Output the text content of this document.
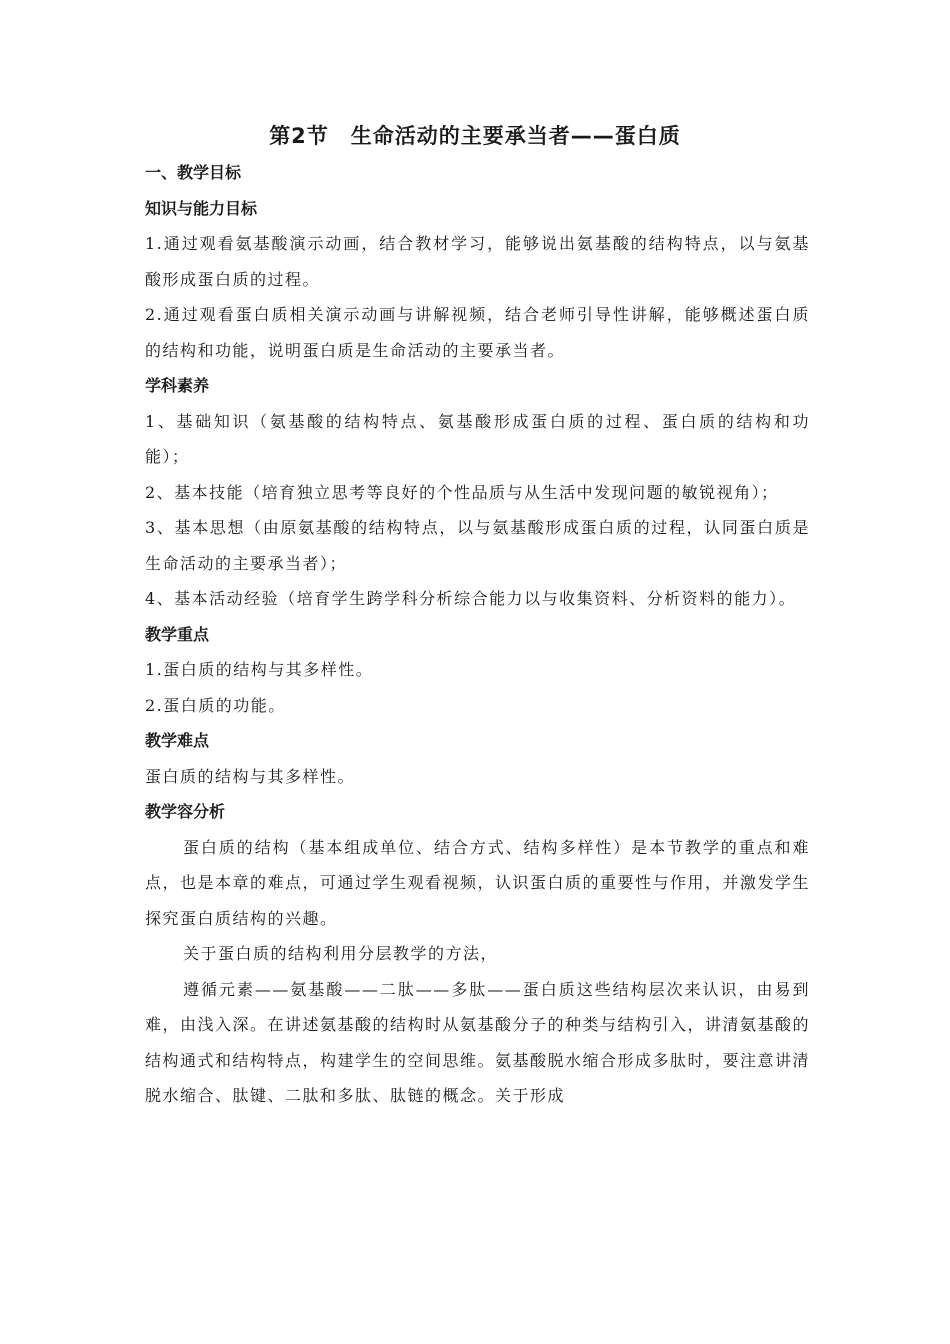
第2节　生命活动的主要承当者——蛋白质

一、教学目标

知识与能力目标

1.通过观看氨基酸演示动画，结合教材学习，能够说出氨基酸的结构特点，以与氨基酸形成蛋白质的过程。

2.通过观看蛋白质相关演示动画与讲解视频，结合老师引导性讲解，能够概述蛋白质的结构和功能，说明蛋白质是生命活动的主要承当者。

学科素养

1、基础知识（氨基酸的结构特点、氨基酸形成蛋白质的过程、蛋白质的结构和功能）；

2、基本技能（培育独立思考等良好的个性品质与从生活中发现问题的敏锐视角）；

3、基本思想（由原氨基酸的结构特点，以与氨基酸形成蛋白质的过程，认同蛋白质是生命活动的主要承当者）；

4、基本活动经验（培育学生跨学科分析综合能力以与收集资料、分析资料的能力）。

教学重点

1.蛋白质的结构与其多样性。

2.蛋白质的功能。

教学难点

蛋白质的结构与其多样性。

教学容分析

蛋白质的结构（基本组成单位、结合方式、结构多样性）是本节教学的重点和难点，也是本章的难点，可通过学生观看视频，认识蛋白质的重要性与作用，并激发学生探究蛋白质结构的兴趣。

关于蛋白质的结构利用分层教学的方法，

遵循元素——氨基酸——二肽——多肽——蛋白质这些结构层次来认识，由易到难，由浅入深。在讲述氨基酸的结构时从氨基酸分子的种类与结构引入，讲清氨基酸的结构通式和结构特点，构建学生的空间思维。氨基酸脱水缩合形成多肽时，要注意讲清脱水缩合、肽键、二肽和多肽、肽链的概念。关于形成
